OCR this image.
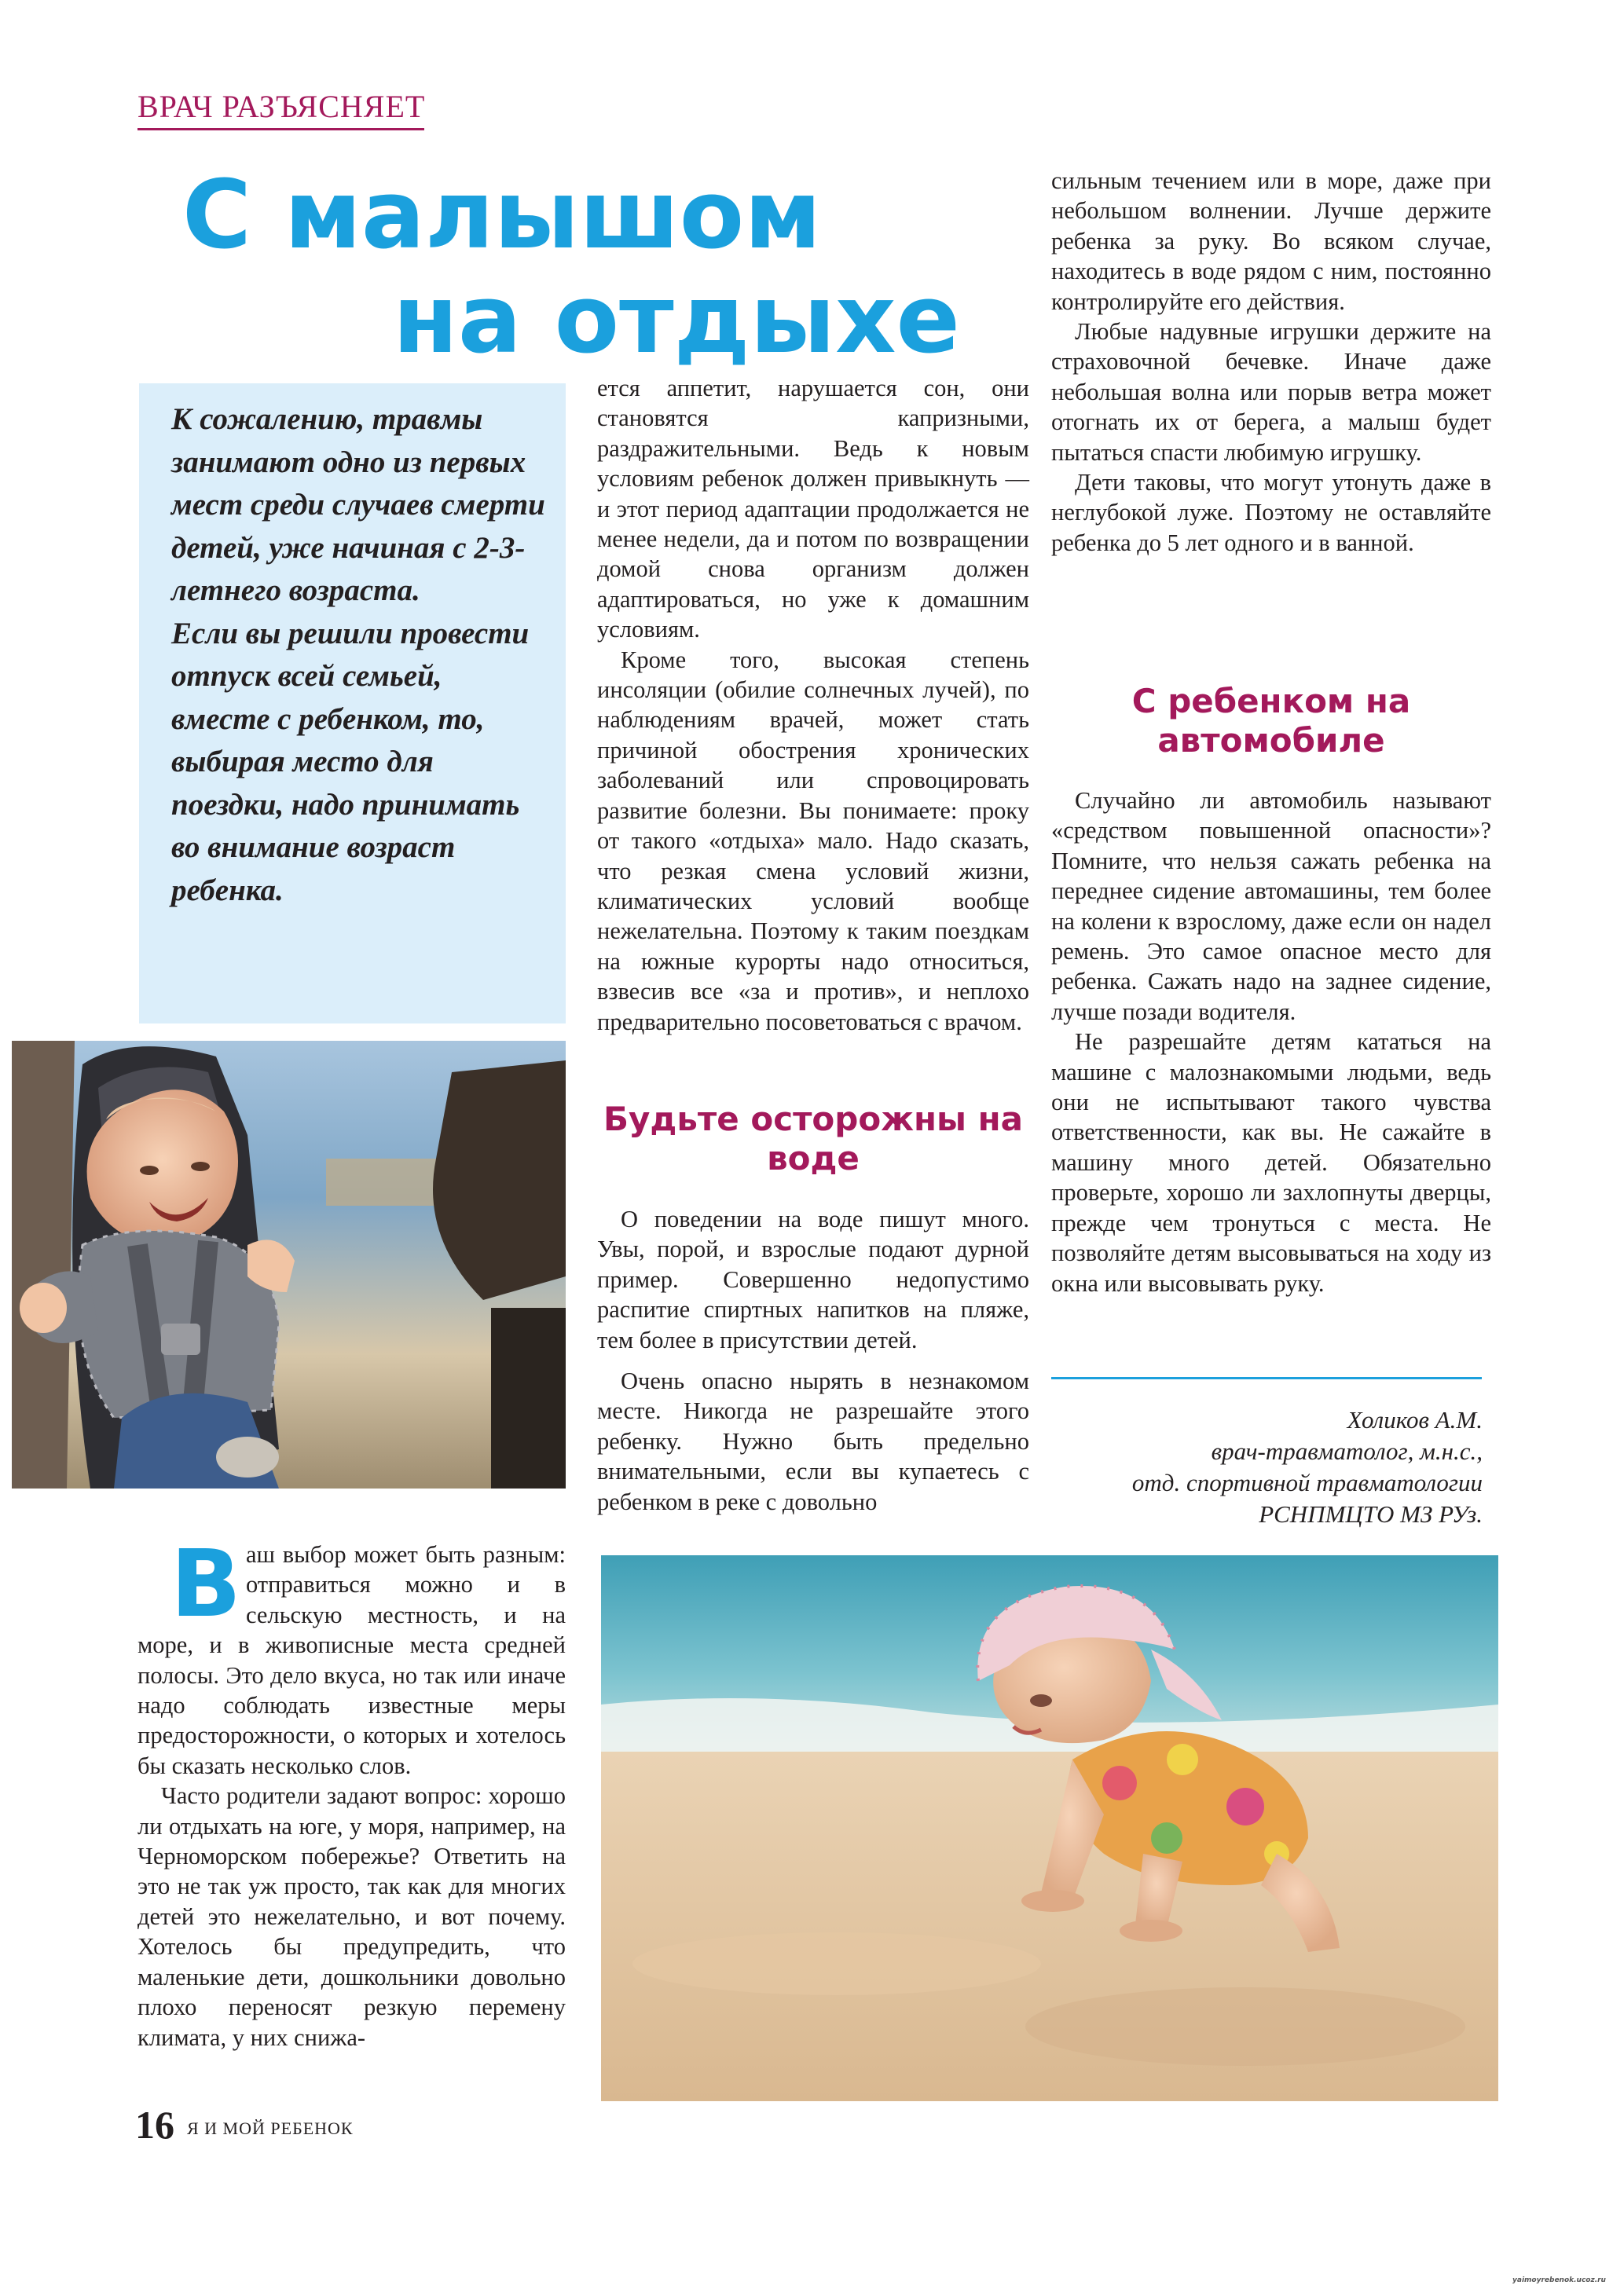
ВРАЧ РАЗЪЯСНЯЕТ
С малышом
на отдыхе

К сожалению, травмы занимают одно из первых мест среди случаев смерти детей, уже начиная с 2-3-летнего возраста.

Если вы решили провести отпуск всей семьей, вместе с ребенком, то, выбирая место для поездки, надо принимать во внимание возраст ребенка.

Ваш выбор может быть разным: отправиться можно и в сельскую местность, и на море, и в живописные места средней полосы. Это дело вкуса, но так или иначе надо соблюдать известные меры предосторожности, о которых и хотелось бы сказать несколько слов.

Часто родители задают вопрос: хорошо ли отдыхать на юге, у моря, например, на Черноморском побережье? Ответить на это не так уж просто, так как для многих детей это нежелательно, и вот почему. Хотелось бы предупредить, что маленькие дети, дошкольники довольно плохо переносят резкую перемену климата, у них снижа-

ется аппетит, нарушается сон, они становятся капризными, раздражительными. Ведь к новым условиям ребенок должен привыкнуть — и этот период адаптации продолжается не менее недели, да и потом по возвращении домой снова организм должен адаптироваться, но уже к домашним условиям.

Кроме того, высокая степень инсоляции (обилие солнечных лучей), по наблюдениям врачей, может стать причиной обострения хронических заболеваний или спровоцировать развитие болезни. Вы понимаете: проку от такого «отдыха» мало. Надо сказать, что резкая смена условий жизни, климатических условий вообще нежелательна. Поэтому к таким поездкам на южные курорты надо относиться, взвесив все «за и против», и неплохо предварительно посоветоваться с врачом.

Будьте осторожны на воде

О поведении на воде пишут много. Увы, порой, и взрослые подают дурной пример. Совершенно недопустимо распитие спиртных напитков на пляже, тем более в присутствии детей.

Очень опасно нырять в незнакомом месте. Никогда не разрешайте этого ребенку. Нужно быть предельно внимательными, если вы купаетесь с ребенком в реке с довольно

сильным течением или в море, даже при небольшом волнении. Лучше держите ребенка за руку. Во всяком случае, находитесь в воде рядом с ним, постоянно контролируйте его действия.

Любые надувные игрушки держите на страховочной бечевке. Иначе даже небольшая волна или порыв ветра может отогнать их от берега, а малыш будет пытаться спасти любимую игрушку.

Дети таковы, что могут утонуть даже в неглубокой луже. Поэтому не оставляйте ребенка до 5 лет одного и в ванной.

С ребенком на автомобиле

Случайно ли автомобиль называют «средством повышенной опасности»? Помните, что нельзя сажать ребенка на переднее сидение автомашины, тем более на колени к взрослому, даже если он надел ремень. Это самое опасное место для ребенка. Сажать надо на заднее сидение, лучше позади водителя.

Не разрешайте детям кататься на машине с малознакомыми людьми, ведь они не испытывают такого чувства ответственности, как вы. Не сажайте в машину много детей. Обязательно проверьте, хорошо ли захлопнуты дверцы, прежде чем тронуться с места. Не позволяйте детям высовываться на ходу из окна или высовывать руку.

Холиков А.М.
врач-травматолог, м.н.с.,
отд. спортивной травматологии
РСНПМЦТО МЗ РУз.
16 Я И МОЙ РЕБЕНОК
yaimoyrebenok.ucoz.ru
